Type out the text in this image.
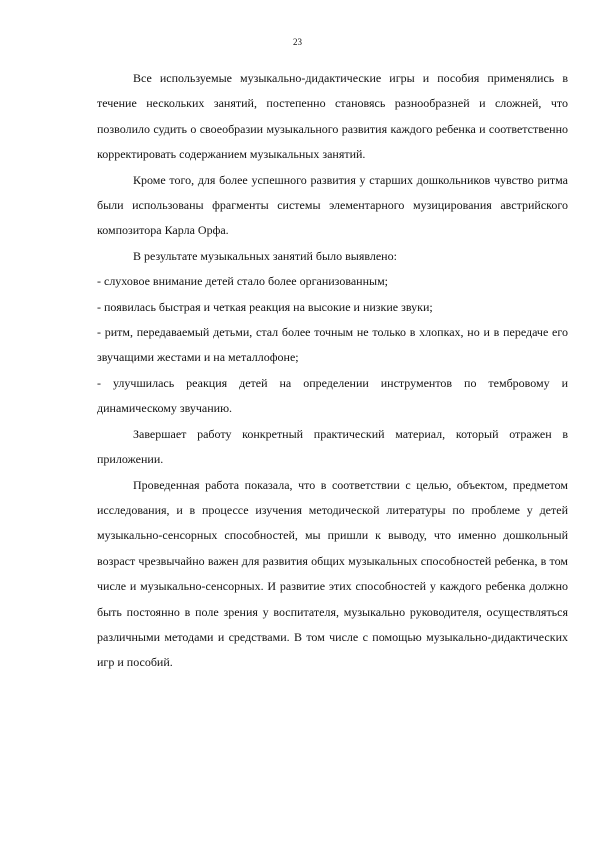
23

Все используемые музыкально-дидактические игры и пособия применялись в течение нескольких занятий, постепенно становясь разнообразней и сложней, что позволило судить о своеобразии музыкального развития каждого ребенка и соответственно корректировать содержанием музыкальных занятий.

Кроме того, для более успешного развития у старших дошкольников чувство ритма были использованы фрагменты системы элементарного музицирования австрийского композитора Карла Орфа.

В результате музыкальных занятий было выявлено:

- слуховое внимание детей стало более организованным;

- появилась быстрая и четкая реакция на высокие и низкие звуки;

- ритм, передаваемый детьми, стал более точным не только в хлопках, но и в передаче его звучащими жестами и на металлофоне;

- улучшилась реакция детей на определении инструментов по тембровому и динамическому звучанию.

Завершает работу конкретный практический материал, который отражен в приложении.

Проведенная работа показала, что в соответствии с целью, объектом, предметом исследования, и в процессе изучения методической литературы по проблеме у детей музыкально-сенсорных способностей, мы пришли к выводу, что именно дошкольный возраст чрезвычайно важен для развития общих музыкальных способностей ребенка, в том числе и музыкально-сенсорных. И развитие этих способностей у каждого ребенка должно быть постоянно в поле зрения у воспитателя, музыкально руководителя, осуществляться различными методами и средствами. В том числе с помощью музыкально-дидактических игр и пособий.
